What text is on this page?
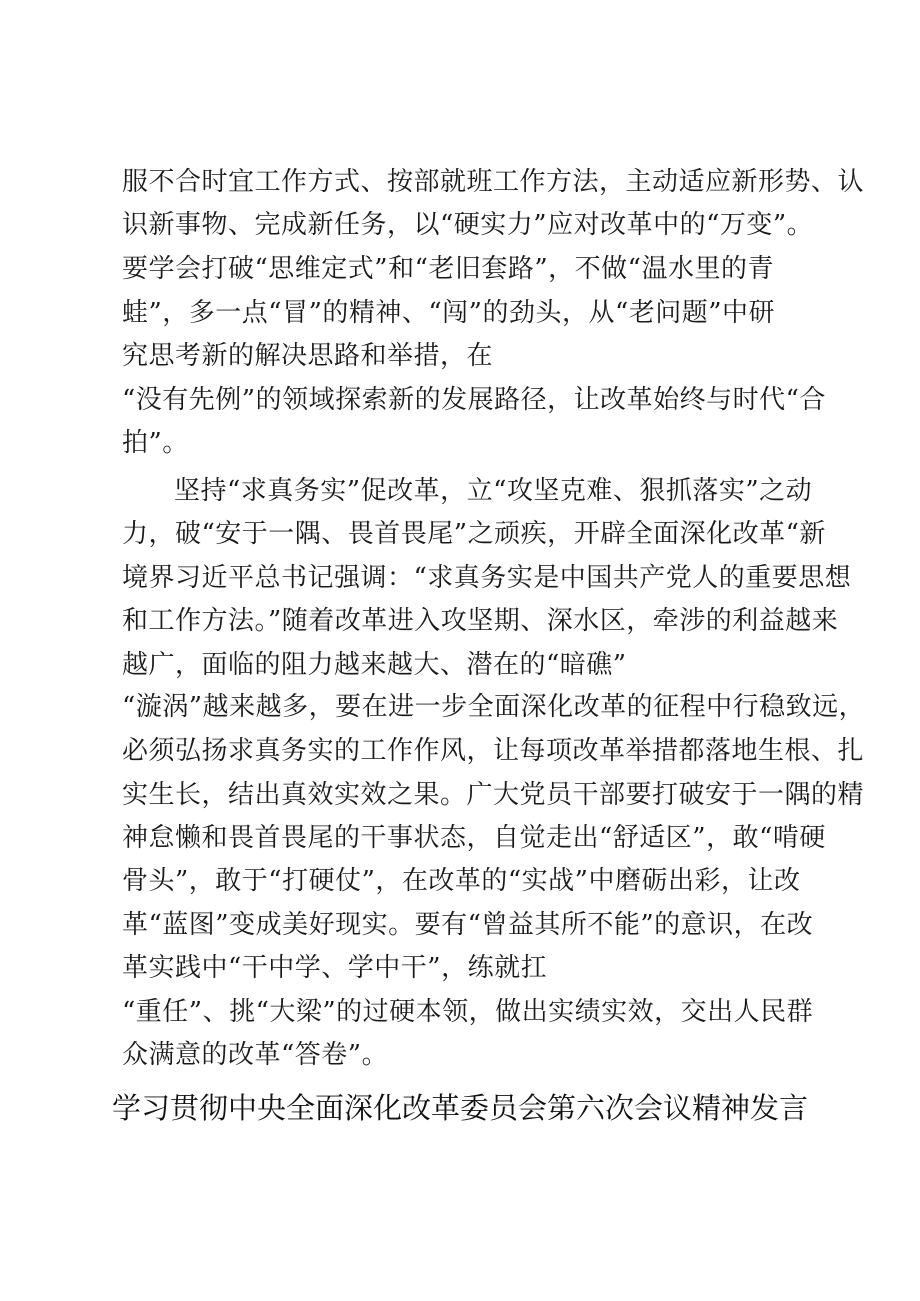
服不合时宜工作方式、按部就班工作方法，主动适应新形势、认
识新事物、完成新任务，以“硬实力”应对改革中的“万变”。
要学会打破“思维定式”和“老旧套路”，不做“温水里的青
蛙”，多一点“冒”的精神、“闯”的劲头，从“老问题”中研
究思考新的解决思路和举措，在
“没有先例”的领域探索新的发展路径，让改革始终与时代“合
拍”。
坚持“求真务实”促改革，立“攻坚克难、狠抓落实”之动
力，破“安于一隅、畏首畏尾”之顽疾，开辟全面深化改革“新
境界习近平总书记强调：“求真务实是中国共产党人的重要思想
和工作方法。”随着改革进入攻坚期、深水区，牵涉的利益越来
越广，面临的阻力越来越大、潜在的“暗礁”
“漩涡”越来越多，要在进一步全面深化改革的征程中行稳致远，
必须弘扬求真务实的工作作风，让每项改革举措都落地生根、扎
实生长，结出真效实效之果。广大党员干部要打破安于一隅的精
神怠懒和畏首畏尾的干事状态，自觉走出“舒适区”，敢“啃硬
骨头”，敢于“打硬仗”，在改革的“实战”中磨砺出彩，让改
革“蓝图”变成美好现实。要有“曾益其所不能”的意识，在改
革实践中“干中学、学中干”，练就扛
“重任”、挑“大梁”的过硬本领，做出实绩实效，交出人民群
众满意的改革“答卷”。
学习贯彻中央全面深化改革委员会第六次会议精神发言
